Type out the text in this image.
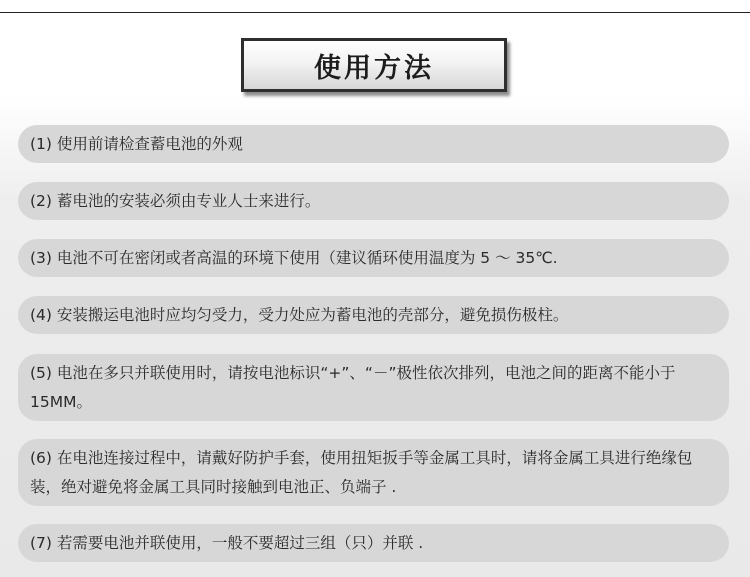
使用方法
(1) 使用前请检查蓄电池的外观
(2) 蓄电池的安装必须由专业人士来进行。
(3) 电池不可在密闭或者高温的环境下使用（建议循环使用温度为 5 ～ 35℃.
(4) 安装搬运电池时应均匀受力，受力处应为蓄电池的壳部分，避免损伤极柱。
(5) 电池在多只并联使用时，请按电池标识“+”、“－”极性依次排列，电池之间的距离不能小于 15MM。
(6) 在电池连接过程中，请戴好防护手套，使用扭矩扳手等金属工具时，请将金属工具进行绝缘包装，绝对避免将金属工具同时接触到电池正、负端子 .
(7) 若需要电池并联使用，一般不要超过三组（只）并联 .
